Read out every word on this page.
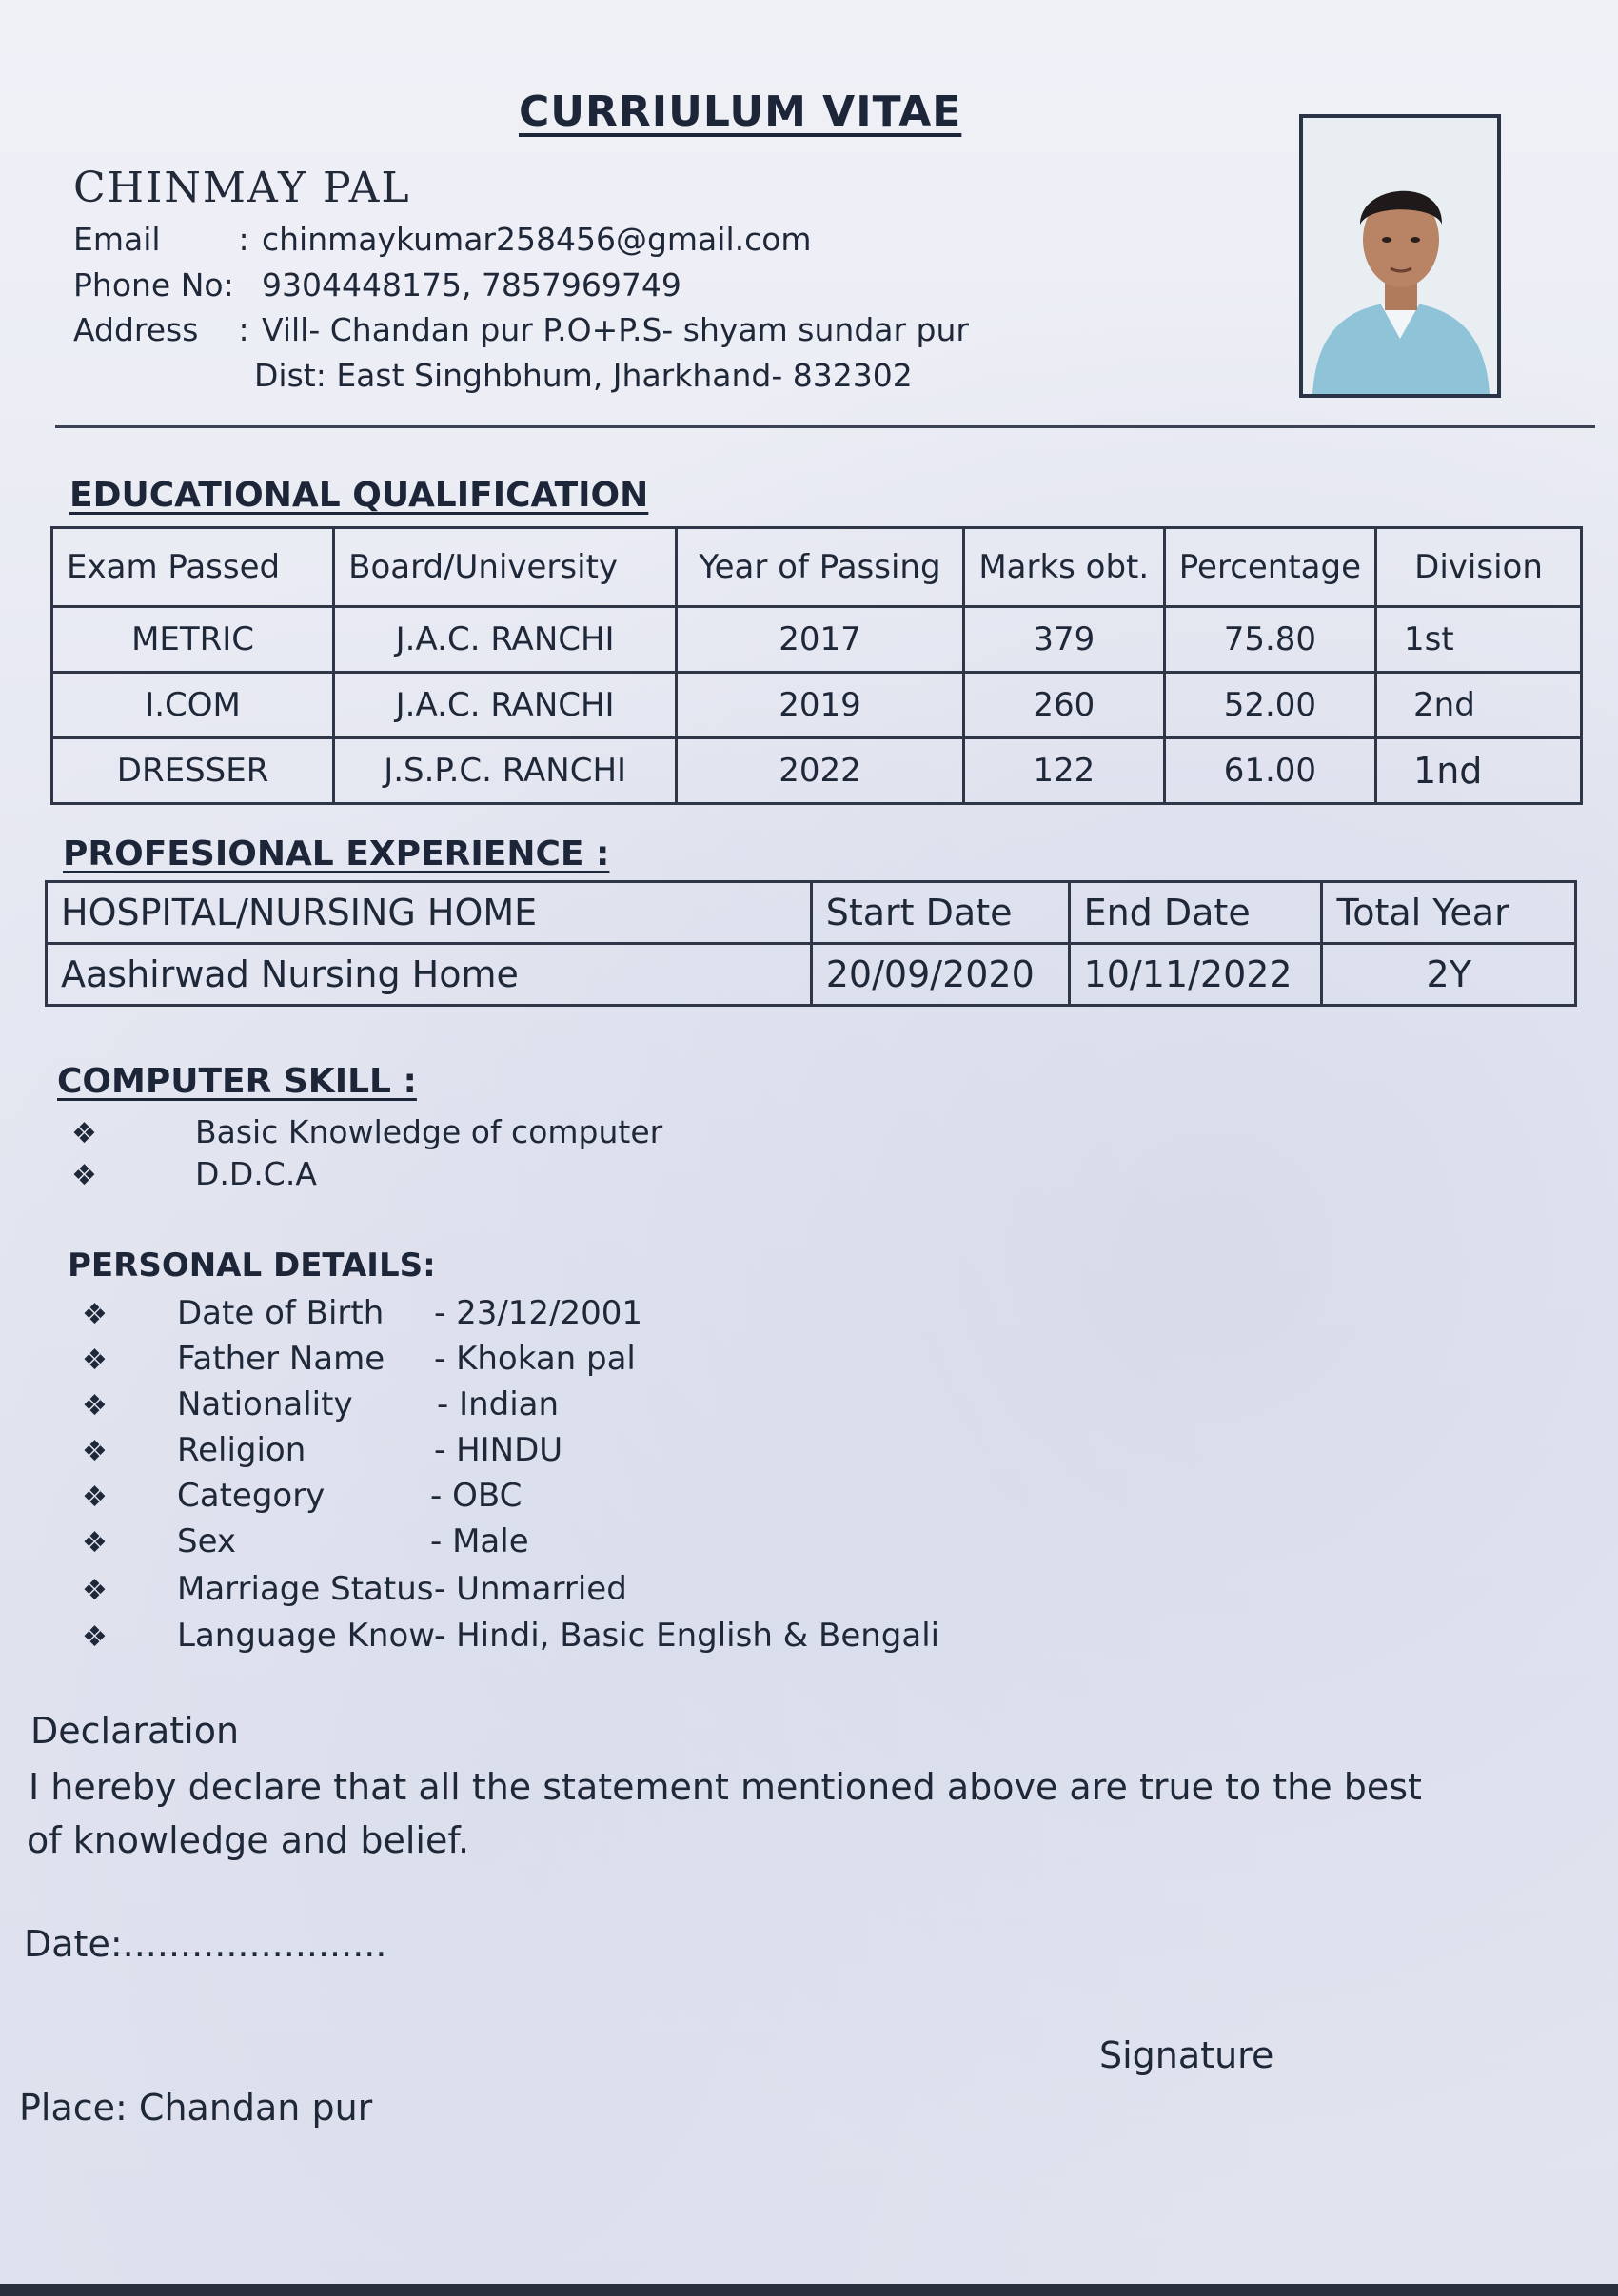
CURRIULUM VITAE
CHINMAY PAL
Email : chinmaykumar258456@gmail.com
Phone No: 9304448175, 7857969749
Address : Vill- Chandan pur P.O+P.S- shyam sundar pur
Dist: East Singhbhum, Jharkhand- 832302
EDUCATIONAL QUALIFICATION
Exam Passed	Board/University	Year of Passing	Marks obt.	Percentage	Division
METRIC	J.A.C. RANCHI	2017	379	75.80	1st
I.COM	J.A.C. RANCHI	2019	260	52.00	2nd
DRESSER	J.S.P.C. RANCHI	2022	122	61.00	1nd
PROFESIONAL EXPERIENCE :
HOSPITAL/NURSING HOME	Start Date	End Date	Total Year
Aashirwad Nursing Home	20/09/2020	10/11/2022	2Y
COMPUTER SKILL :
❖	Basic Knowledge of computer
❖	D.D.C.A
PERSONAL DETAILS:
❖ Date of Birth - 23/12/2001
❖ Father Name - Khokan pal
❖ Nationality	- Indian
❖ Religion	- HINDU
❖ Category	- OBC
❖ Sex	- Male
❖ Marriage Status- Unmarried
❖ Language Know- Hindi, Basic English & Bengali
Declaration
I hereby declare that all the statement mentioned above are true to the best
of knowledge and belief.
Date:.......................
Signature
Place: Chandan pur
